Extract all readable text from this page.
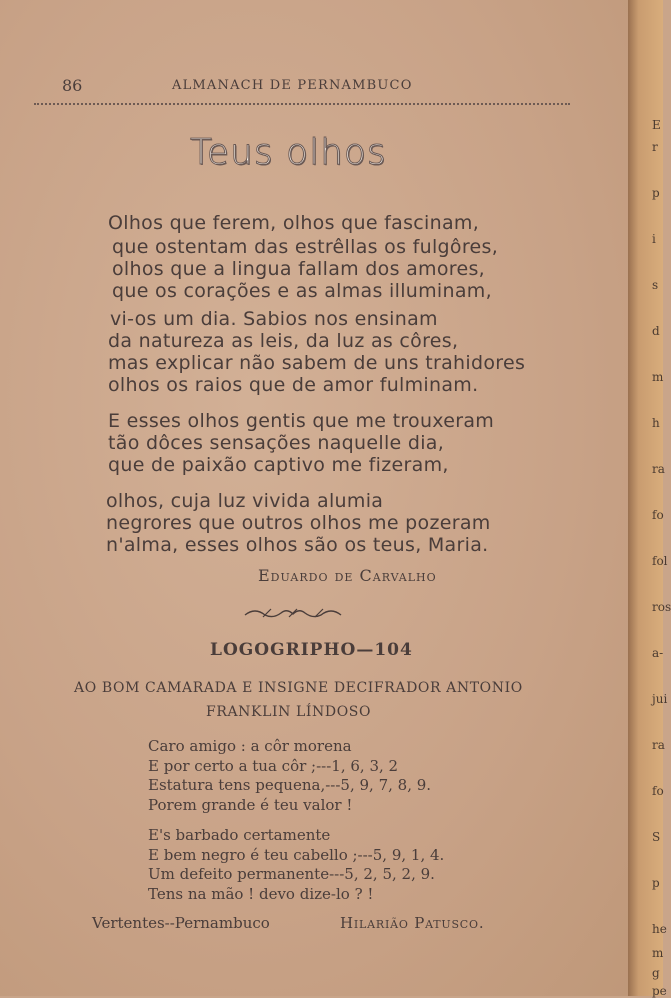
86	ALMANACH DE PERNAMBUCO
Teus olhos
Olhos que ferem, olhos que fascinam,
que ostentam das estrêllas os fulgôres,
olhos que a lingua fallam dos amores,
que os corações e as almas illuminam,
vi-os um dia. Sabios nos ensinam
da natureza as leis, da luz as côres,
mas explicar não sabem de uns trahidores
olhos os raios que de amor fulminam.
E esses olhos gentis que me trouxeram
tão dôces sensações naquelle dia,
que de paixão captivo me fizeram,
olhos, cuja luz vivida alumia
negrores que outros olhos me pozeram
n'alma, esses olhos são os teus, Maria.
Eduardo de Carvalho
LOGOGRIPHO—104
AO BOM CAMARADA E INSIGNE DECIFRADOR ANTONIO
FRANKLIN LÍNDOSO
Caro amigo : a côr morena
E por certo a tua côr ;---1, 6, 3, 2
Estatura tens pequena,---5, 9, 7, 8, 9.
Porem grande é teu valor !
E's barbado certamente
E bem negro é teu cabello ;---5, 9, 1, 4.
Um defeito permanente---5, 2, 5, 2, 9.
Tens na mão ! devo dize-lo ? !
Vertentes--Pernambuco	Hilarião Patusco.
E
r
p
i
s
d
m
h
ra
fo
fol
ros
a-
jui
ra
fo
S
p
he
m
g
pe
